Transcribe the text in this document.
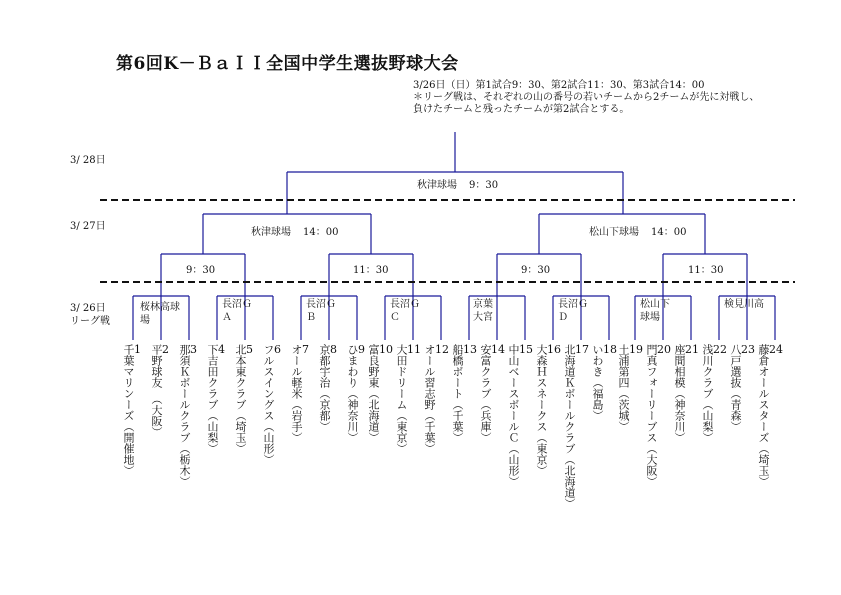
第6回K－ＢａＩＩ全国中学生選抜野球大会
3/26日（日）第1試合9：30、第2試合11：30、第3試合14：00
＊リーグ戦は、それぞれの山の番号の若いチームから2チームが先に対戦し、
負けたチームと残ったチームが第2試合とする。
3/ 28日
3/ 27日
3/ 26日
リーグ戦
秋津球場 9：30
秋津球場 14：00	松山下球場 14：00
9：30	11：30	9：30	11：30
桜林高球場
長沼Ｇ Ａ
長沼Ｇ Ｂ
長沼Ｇ Ｃ
京葉大宮
長沼Ｇ Ｄ
松山下球場
検見川高
1
千葉マリンーズ（開催地）	2
平野球友　（大阪）	3
那須Ｋボールクラブ（栃木）	4
下吉田クラブ（山梨）	5
北本東クラブ（埼玉）	6
フルスイングス（山形）	7
オール軽米（岩手）	8
京都宇治（京都）	9
ひまわり（神奈川）	10
富良野東（北海道）	11
大田ドリーム（東京）	12
オール習志野（千葉）	13
船橋ボート（千葉）	14
安富クラブ（兵庫）	15
中山ベースボールＣ（山形）	16
大森Ｈスネークス（東京）	17
北海道Ｋボールクラブ（北海道）	18
いわき（福島）	19
土浦第四（茨城）	20
門真フォーリーブス（大阪）	21
座間相模（神奈川）	22
浅川クラブ（山梨）	23
八戸選抜（青森）	24
藤倉オールスターズ（埼玉）
